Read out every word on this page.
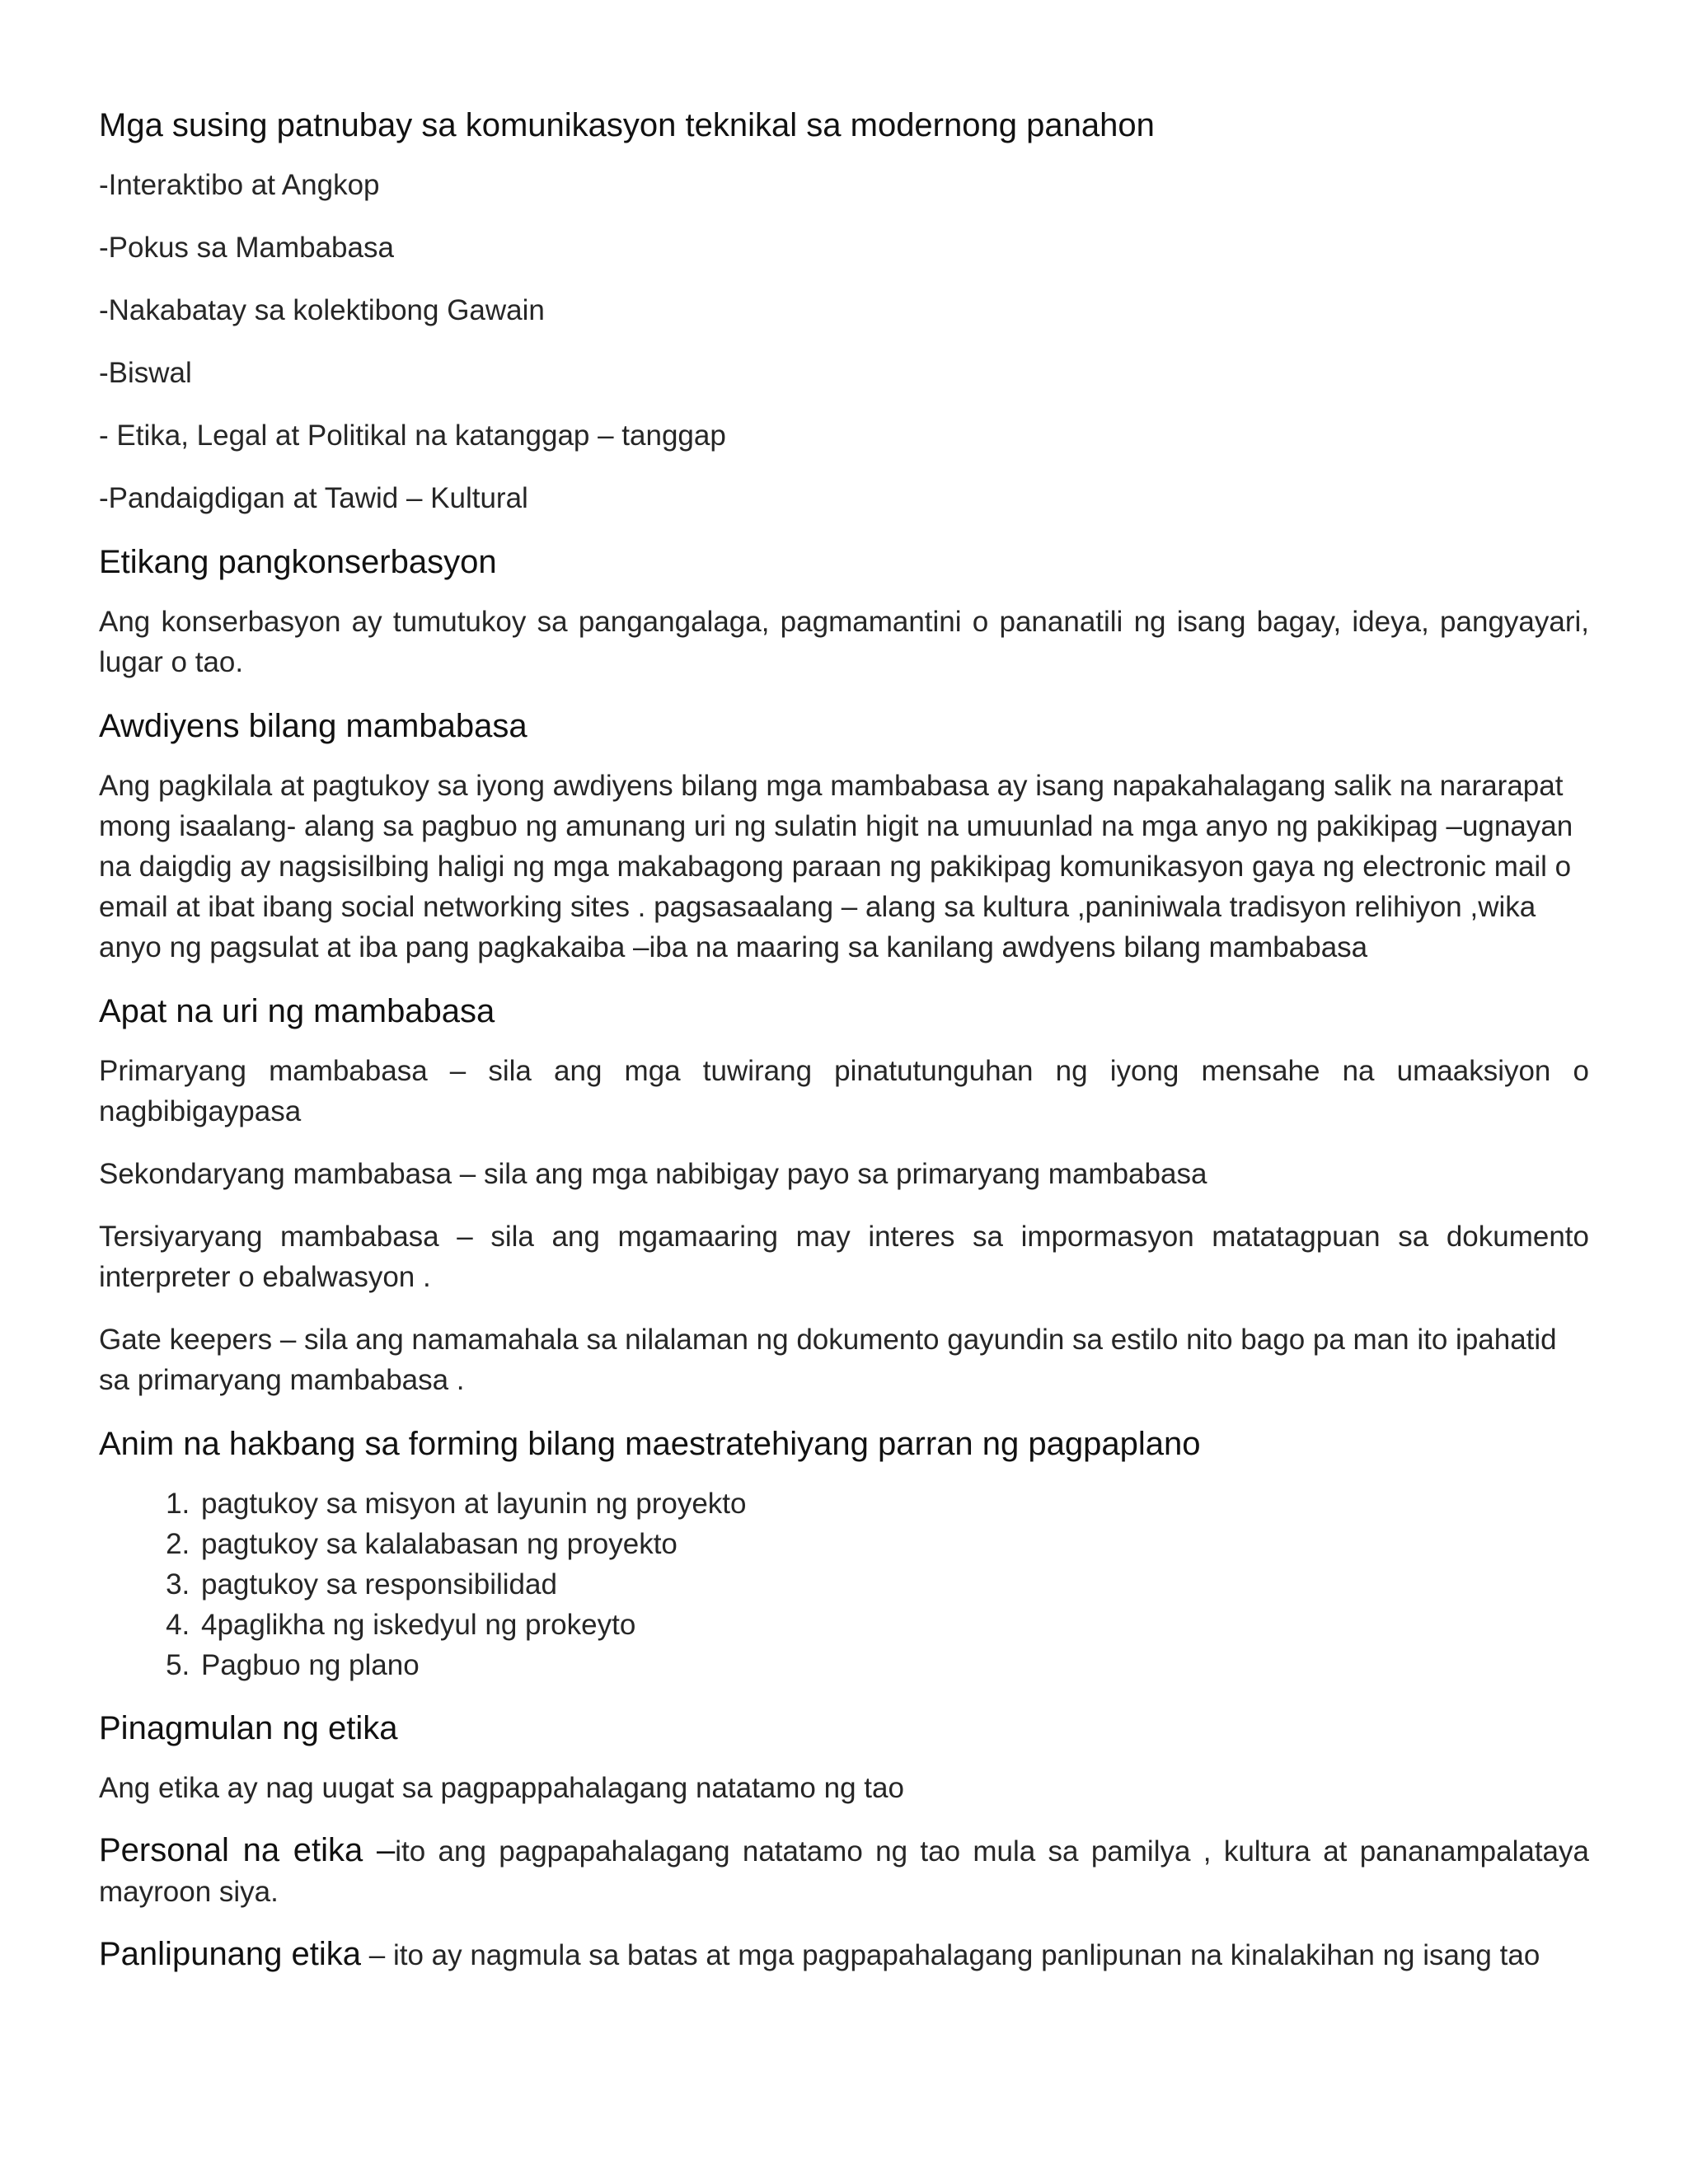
Mga susing patnubay sa komunikasyon teknikal sa modernong panahon

-Interaktibo at Angkop

-Pokus sa Mambabasa

-Nakabatay sa kolektibong Gawain

-Biswal

- Etika, Legal at Politikal na katanggap – tanggap

-Pandaigdigan at Tawid – Kultural

Etikang pangkonserbasyon

Ang konserbasyon ay tumutukoy sa pangangalaga, pagmamantini o pananatili ng isang bagay, ideya, pangyayari, lugar o tao.

Awdiyens bilang mambabasa

Ang pagkilala at pagtukoy sa iyong awdiyens bilang mga mambabasa ay isang napakahalagang salik na nararapat mong isaalang- alang sa pagbuo ng amunang uri ng sulatin higit na umuunlad na mga anyo ng pakikipag –ugnayan na daigdig ay nagsisilbing haligi ng mga makabagong paraan ng pakikipag komunikasyon gaya ng electronic mail o email at ibat ibang social networking sites . pagsasaalang – alang sa kultura ,paniniwala tradisyon relihiyon ,wika anyo ng pagsulat at iba pang pagkakaiba –iba na maaring sa kanilang awdyens bilang mambabasa

Apat na uri ng mambabasa

Primaryang mambabasa – sila ang mga tuwirang pinatutunguhan ng iyong mensahe na umaaksiyon o nagbibigaypasa

Sekondaryang mambabasa – sila ang mga nabibigay payo sa primaryang mambabasa

Tersiyaryang mambabasa – sila ang mgamaaring may interes sa impormasyon matatagpuan sa dokumento interpreter o ebalwasyon .

Gate keepers – sila ang namamahala sa nilalaman ng dokumento gayundin sa estilo nito bago pa man ito ipahatid sa primaryang mambabasa .

Anim na hakbang sa forming bilang maestratehiyang parran ng pagpaplano
1. pagtukoy sa misyon at layunin ng proyekto
2. pagtukoy sa kalalabasan ng proyekto
3. pagtukoy sa responsibilidad
4. 4paglikha ng iskedyul ng prokeyto
5. Pagbuo ng plano
Pinagmulan ng etika

Ang etika ay nag uugat sa pagpappahalagang natatamo ng tao

Personal na etika –ito ang pagpapahalagang natatamo ng tao mula sa pamilya , kultura at pananampalataya mayroon siya.

Panlipunang etika – ito ay nagmula sa batas at mga pagpapahalagang panlipunan na kinalakihan ng isang tao
